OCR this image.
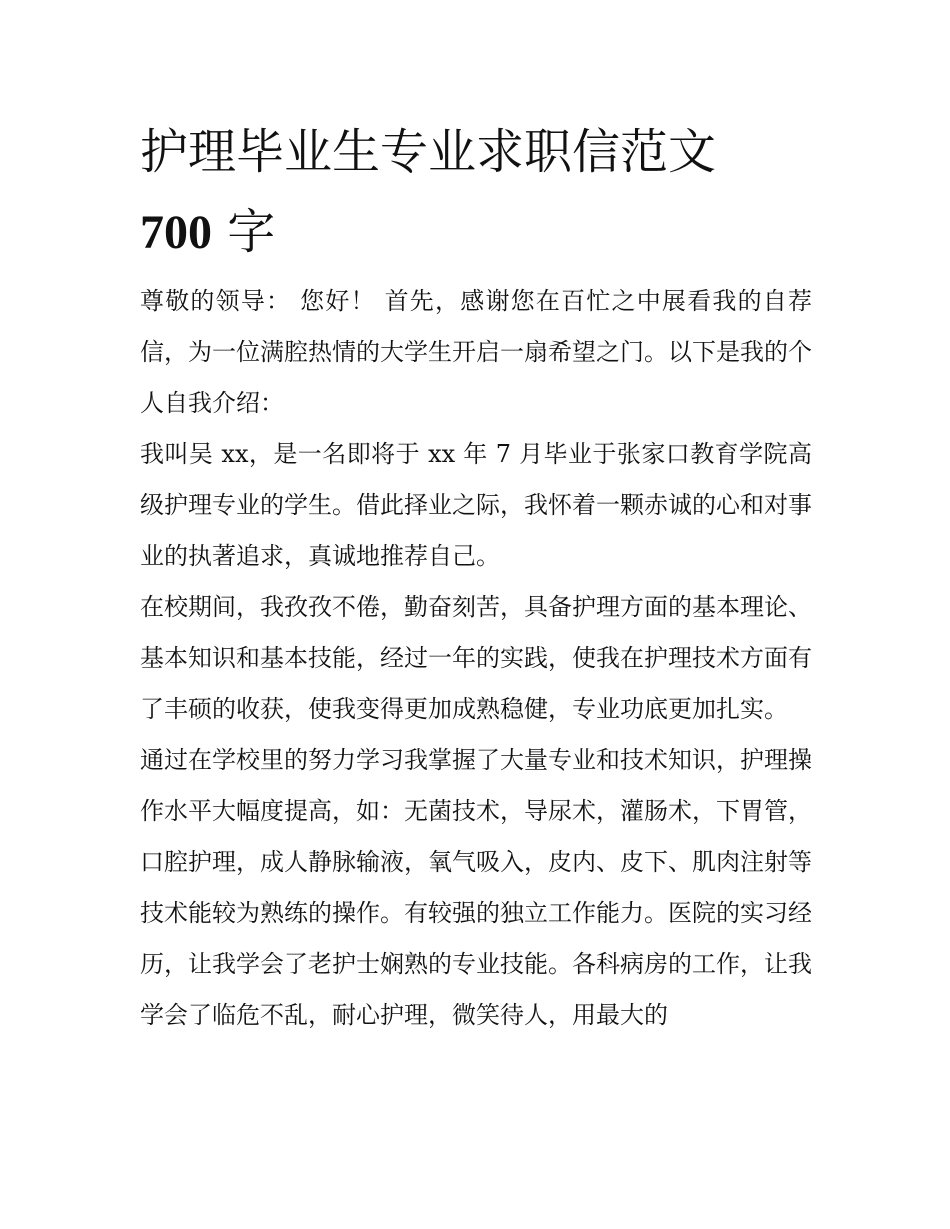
护理毕业生专业求职信范文
700 字

尊敬的领导： 您好！ 首先，感谢您在百忙之中展看我的自荐信，为一位满腔热情的大学生开启一扇希望之门。以下是我的个人自我介绍：

我叫吴 xx，是一名即将于 xx 年 7 月毕业于张家口教育学院高级护理专业的学生。借此择业之际，我怀着一颗赤诚的心和对事业的执著追求，真诚地推荐自己。

在校期间，我孜孜不倦，勤奋刻苦，具备护理方面的基本理论、基本知识和基本技能，经过一年的实践，使我在护理技术方面有了丰硕的收获，使我变得更加成熟稳健，专业功底更加扎实。

通过在学校里的努力学习我掌握了大量专业和技术知识，护理操作水平大幅度提高，如：无菌技术，导尿术，灌肠术，下胃管，口腔护理，成人静脉输液，氧气吸入，皮内、皮下、肌肉注射等技术能较为熟练的操作。有较强的独立工作能力。医院的实习经历，让我学会了老护士娴熟的专业技能。各科病房的工作，让我学会了临危不乱，耐心护理，微笑待人，用最大的
